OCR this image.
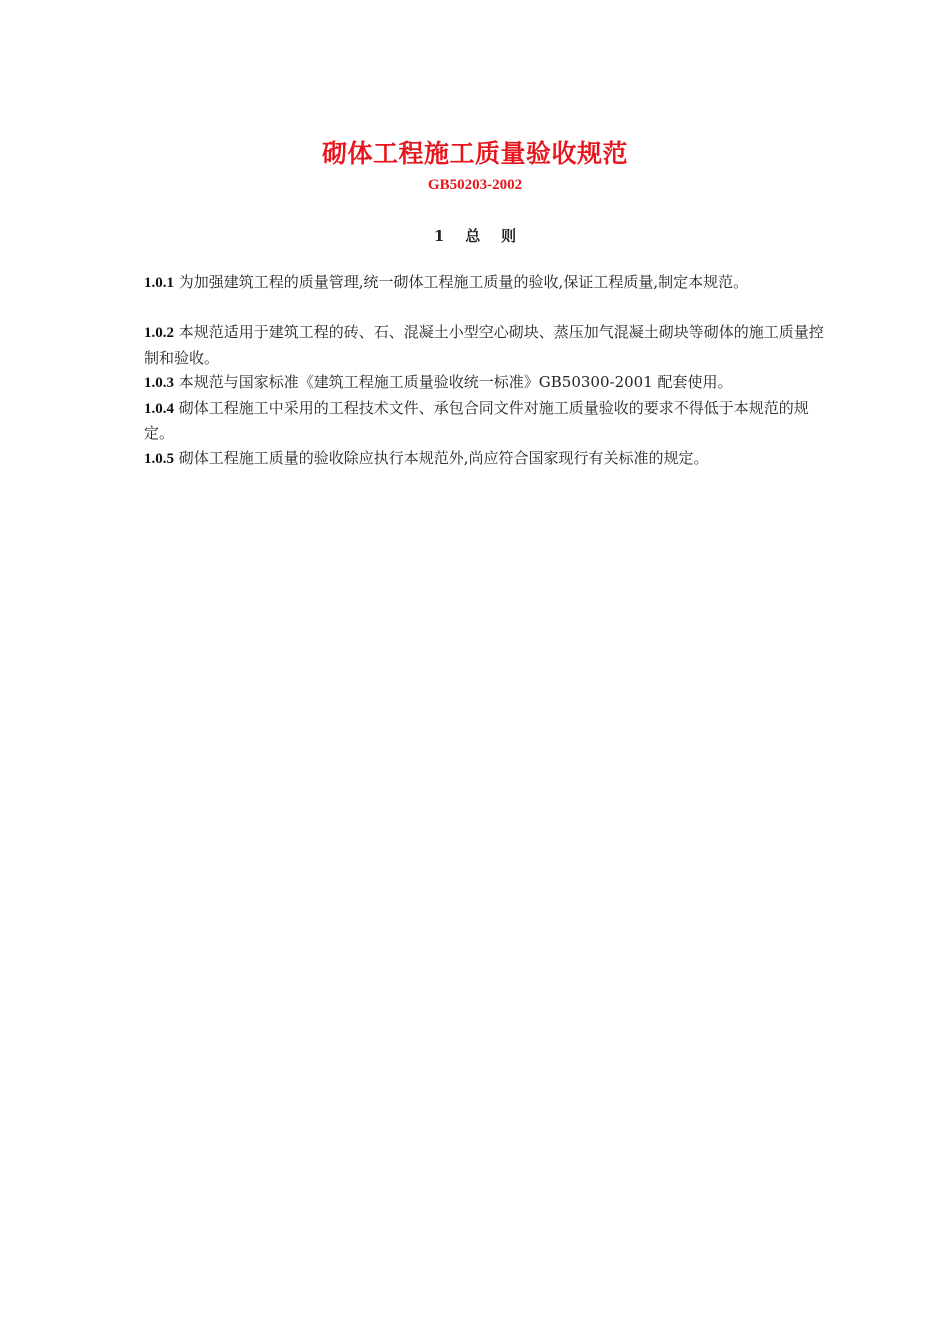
砌体工程施工质量验收规范
GB50203-2002
1    总    则

1.0.1 为加强建筑工程的质量管理,统一砌体工程施工质量的验收,保证工程质量,制定本规范。

1.0.2 本规范适用于建筑工程的砖、石、混凝土小型空心砌块、蒸压加气混凝土砌块等砌体的施工质量控制和验收。

1.0.3 本规范与国家标准《建筑工程施工质量验收统一标准》GB50300-2001 配套使用。

1.0.4 砌体工程施工中采用的工程技术文件、承包合同文件对施工质量验收的要求不得低于本规范的规定。

1.0.5 砌体工程施工质量的验收除应执行本规范外,尚应符合国家现行有关标准的规定。
